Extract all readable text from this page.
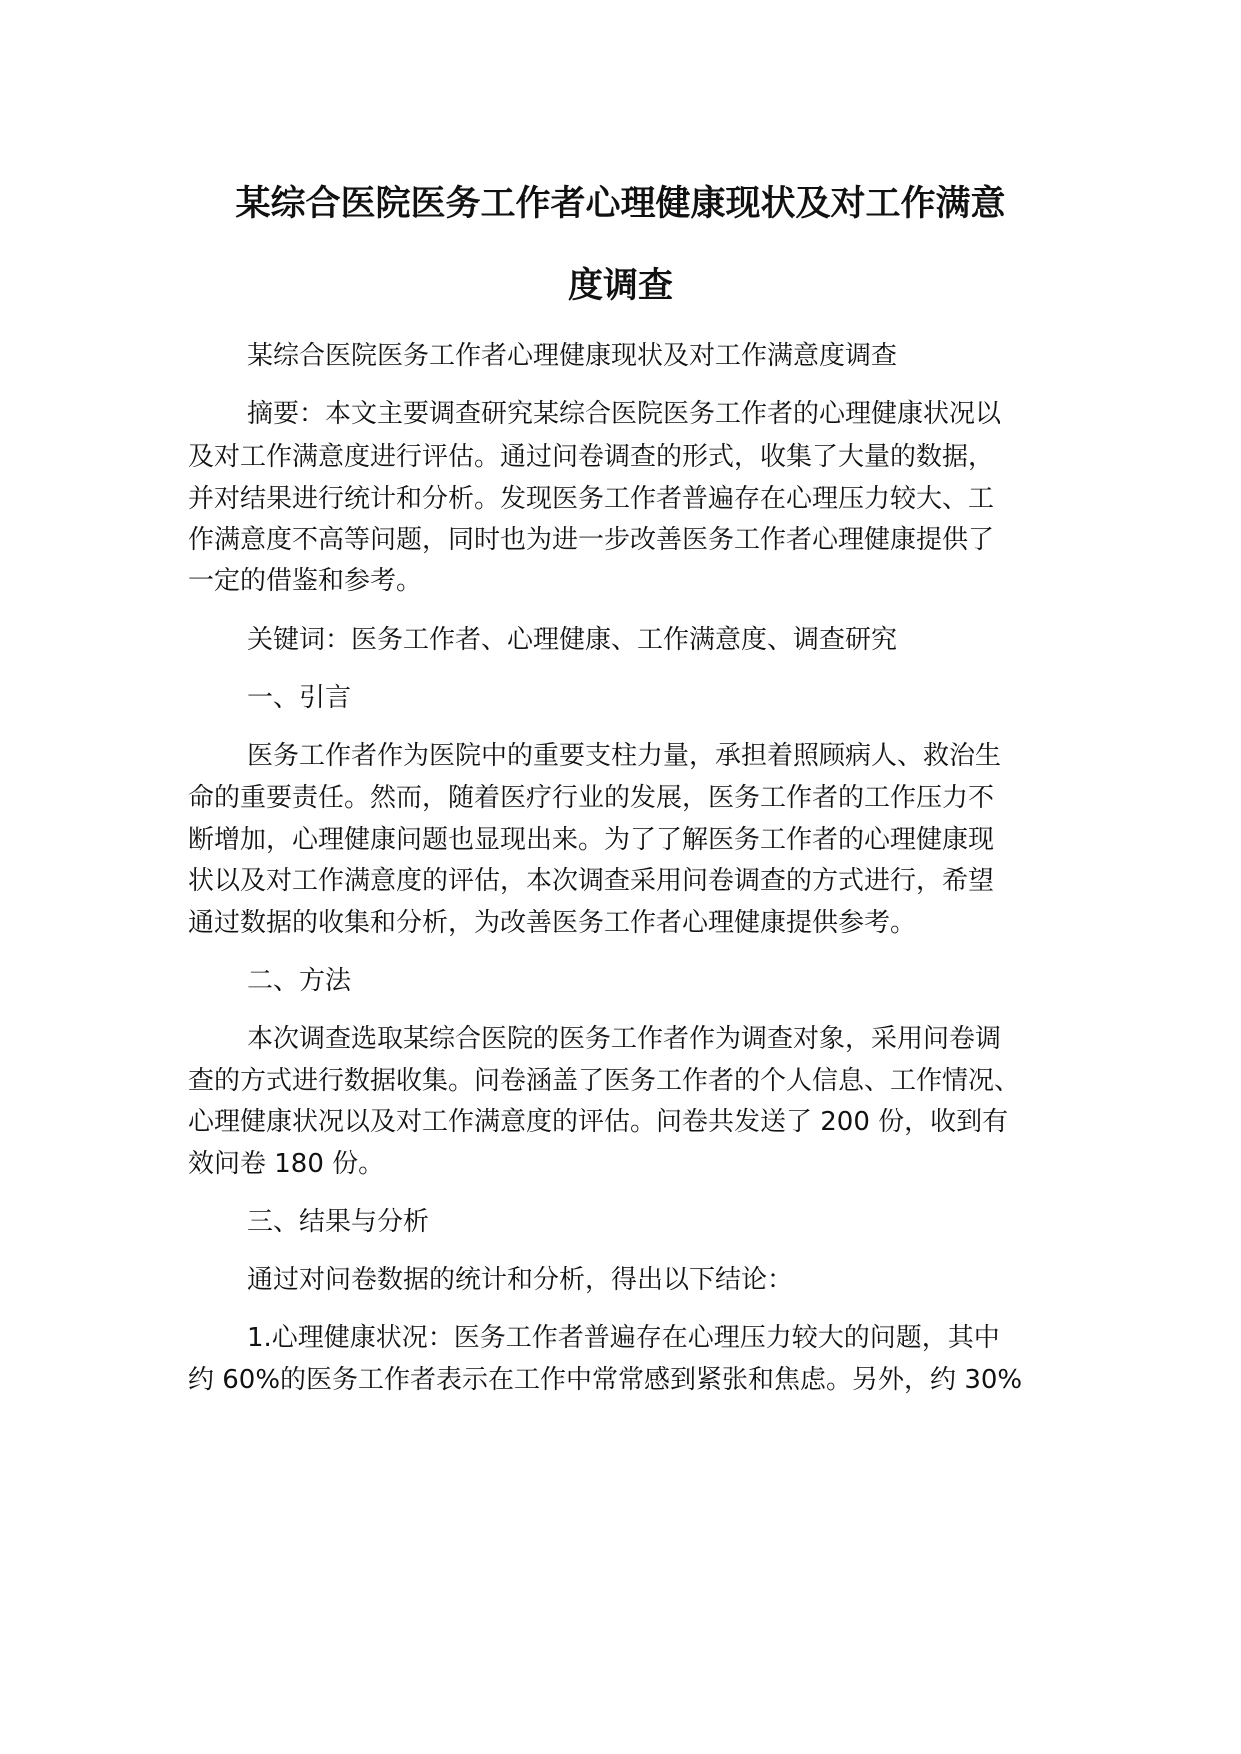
某综合医院医务工作者心理健康现状及对工作满意
度调查

某综合医院医务工作者心理健康现状及对工作满意度调查

摘要：本文主要调查研究某综合医院医务工作者的心理健康状况以

及对工作满意度进行评估。通过问卷调查的形式，收集了大量的数据，

并对结果进行统计和分析。发现医务工作者普遍存在心理压力较大、工

作满意度不高等问题，同时也为进一步改善医务工作者心理健康提供了

一定的借鉴和参考。

关键词：医务工作者、心理健康、工作满意度、调查研究

一、引言

医务工作者作为医院中的重要支柱力量，承担着照顾病人、救治生

命的重要责任。然而，随着医疗行业的发展，医务工作者的工作压力不

断增加，心理健康问题也显现出来。为了了解医务工作者的心理健康现

状以及对工作满意度的评估，本次调查采用问卷调查的方式进行，希望

通过数据的收集和分析，为改善医务工作者心理健康提供参考。

二、方法

本次调查选取某综合医院的医务工作者作为调查对象，采用问卷调

查的方式进行数据收集。问卷涵盖了医务工作者的个人信息、工作情况、

心理健康状况以及对工作满意度的评估。问卷共发送了 200 份，收到有

效问卷 180 份。

三、结果与分析

通过对问卷数据的统计和分析，得出以下结论：

1.心理健康状况：医务工作者普遍存在心理压力较大的问题，其中

约 60%的医务工作者表示在工作中常常感到紧张和焦虑。另外，约 30%
